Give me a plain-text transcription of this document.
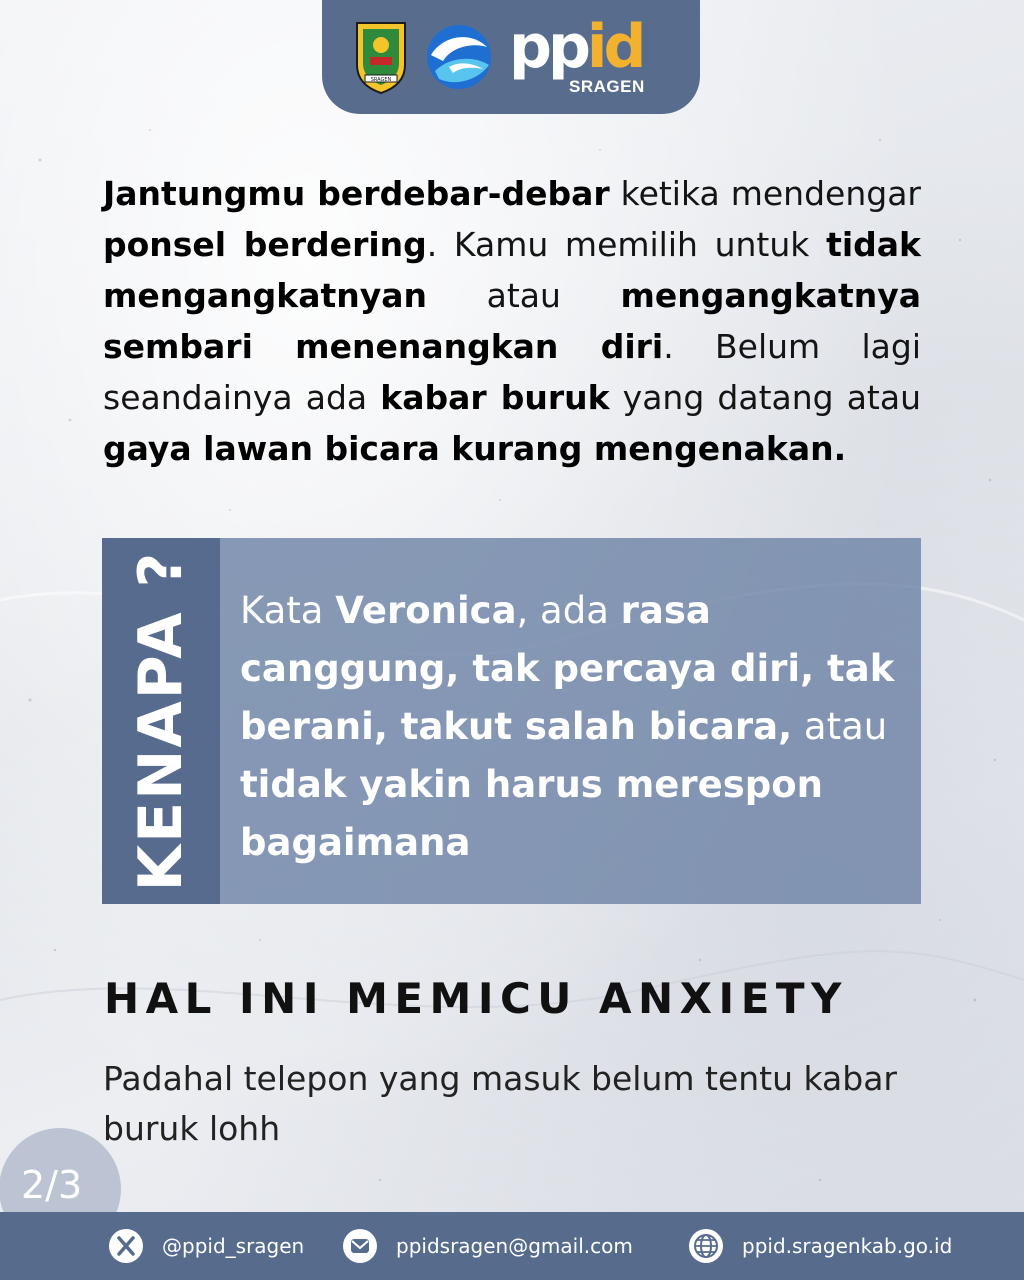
SRAGEN ppid
SRAGEN

Jantungmu berdebar-debar ketika mendengar ponsel berdering. Kamu memilih untuk tidak mengangkatnyan atau mengangkatnya sembari menenangkan diri. Belum lagi seandainya ada kabar buruk yang datang atau gaya lawan bicara kurang mengenakan.

KENAPA ? Kata Veronica, ada rasa canggung, tak percaya diri, tak berani, takut salah bicara, atau tidak yakin harus merespon bagaimana

HAL INI MEMICU ANXIETY

Padahal telepon yang masuk belum tentu kabar buruk lohh

2/3
@ppid_sragen	ppidsragen@gmail.com	ppid.sragenkab.go.id
